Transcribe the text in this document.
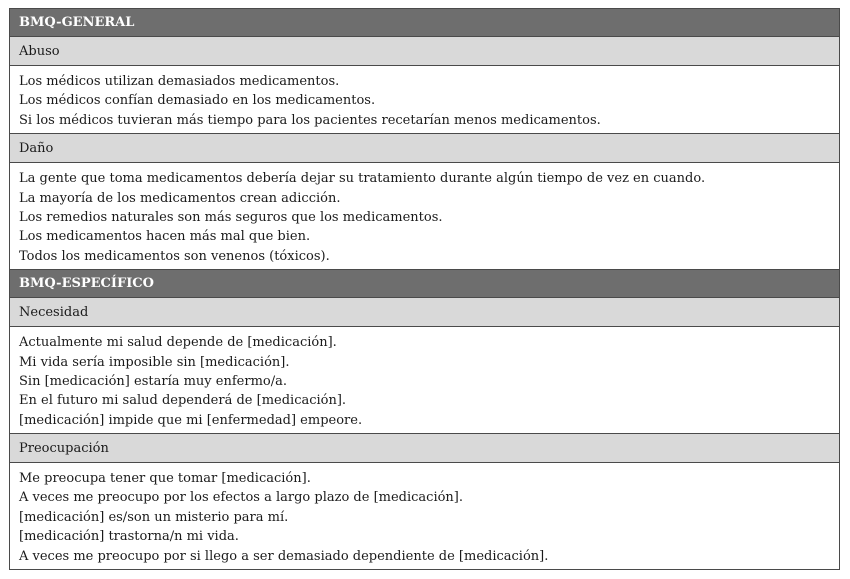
BMQ-GENERAL
Abuso
Los médicos utilizan demasiados medicamentos.
Los médicos confían demasiado en los medicamentos.
Si los médicos tuvieran más tiempo para los pacientes recetarían menos medicamentos.
Daño
La gente que toma medicamentos debería dejar su tratamiento durante algún tiempo de vez en cuando.
La mayoría de los medicamentos crean adicción.
Los remedios naturales son más seguros que los medicamentos.
Los medicamentos hacen más mal que bien.
Todos los medicamentos son venenos (tóxicos).
BMQ-ESPECÍFICO
Necesidad
Actualmente mi salud depende de [medicación].
Mi vida sería imposible sin [medicación].
Sin [medicación] estaría muy enfermo/a.
En el futuro mi salud dependerá de [medicación].
[medicación] impide que mi [enfermedad] empeore.
Preocupación
Me preocupa tener que tomar [medicación].
A veces me preocupo por los efectos a largo plazo de [medicación].
[medicación] es/son un misterio para mí.
[medicación] trastorna/n mi vida.
A veces me preocupo por si llego a ser demasiado dependiente de [medicación].
